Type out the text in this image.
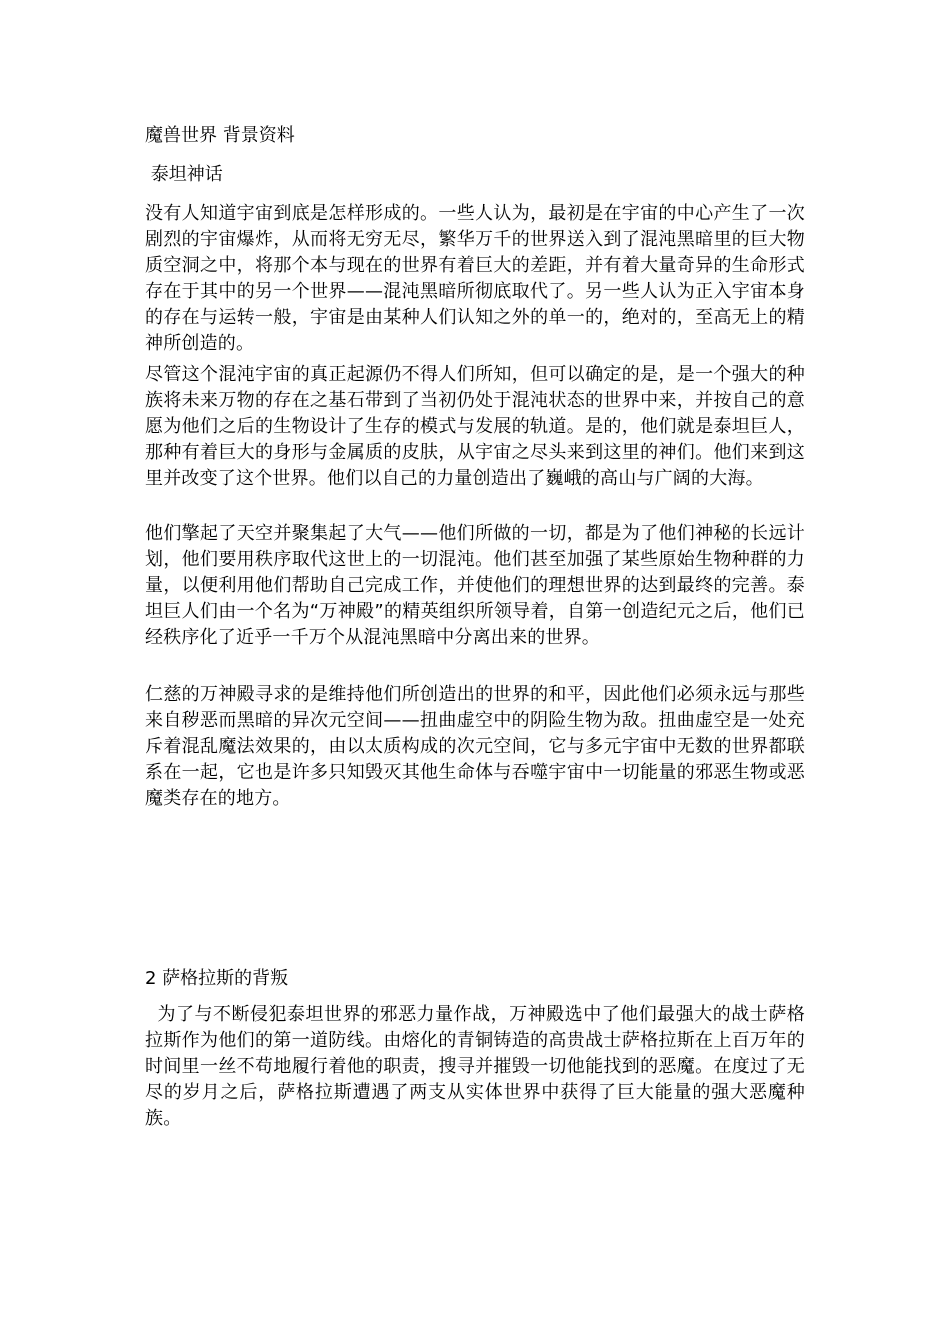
魔兽世界 背景资料

泰坦神话

没有人知道宇宙到底是怎样形成的。一些人认为，最初是在宇宙的中心产生了一次剧烈的宇宙爆炸，从而将无穷无尽，繁华万千的世界送入到了混沌黑暗里的巨大物质空洞之中，将那个本与现在的世界有着巨大的差距，并有着大量奇异的生命形式存在于其中的另一个世界——混沌黑暗所彻底取代了。另一些人认为正入宇宙本身的存在与运转一般，宇宙是由某种人们认知之外的单一的，绝对的，至高无上的精神所创造的。

尽管这个混沌宇宙的真正起源仍不得人们所知，但可以确定的是，是一个强大的种族将未来万物的存在之基石带到了当初仍处于混沌状态的世界中来，并按自己的意愿为他们之后的生物设计了生存的模式与发展的轨道。是的，他们就是泰坦巨人，那种有着巨大的身形与金属质的皮肤，从宇宙之尽头来到这里的神们。他们来到这里并改变了这个世界。他们以自己的力量创造出了巍峨的高山与广阔的大海。

他们擎起了天空并聚集起了大气——他们所做的一切，都是为了他们神秘的长远计划，他们要用秩序取代这世上的一切混沌。他们甚至加强了某些原始生物种群的力量，以便利用他们帮助自己完成工作，并使他们的理想世界的达到最终的完善。泰坦巨人们由一个名为“万神殿”的精英组织所领导着，自第一创造纪元之后，他们已经秩序化了近乎一千万个从混沌黑暗中分离出来的世界。

仁慈的万神殿寻求的是维持他们所创造出的世界的和平，因此他们必须永远与那些来自秽恶而黑暗的异次元空间——扭曲虚空中的阴险生物为敌。扭曲虚空是一处充斥着混乱魔法效果的，由以太质构成的次元空间，它与多元宇宙中无数的世界都联系在一起，它也是许多只知毁灭其他生命体与吞噬宇宙中一切能量的邪恶生物或恶魔类存在的地方。

2 萨格拉斯的背叛

为了与不断侵犯泰坦世界的邪恶力量作战，万神殿选中了他们最强大的战士萨格拉斯作为他们的第一道防线。由熔化的青铜铸造的高贵战士萨格拉斯在上百万年的时间里一丝不苟地履行着他的职责，搜寻并摧毁一切他能找到的恶魔。在度过了无尽的岁月之后，萨格拉斯遭遇了两支从实体世界中获得了巨大能量的强大恶魔种族。
